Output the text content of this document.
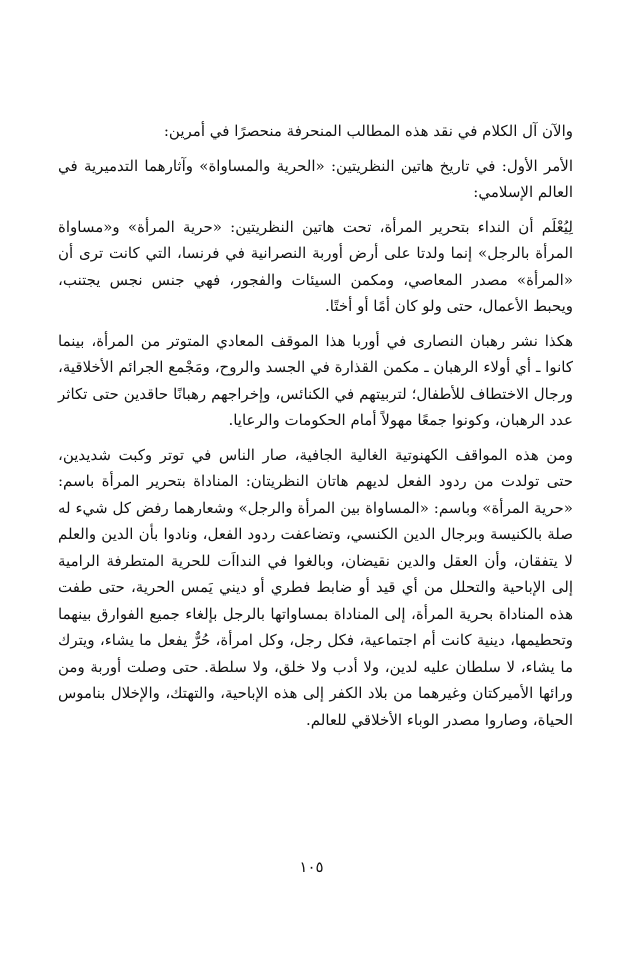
والآن آل الكلام في نقد هذه المطالب المنحرفة منحصرًا في أمرين:

الأمر الأول: في تاريخ هاتين النظريتين: «الحرية والمساواة» وآثارهما التدميرية في العالم الإسلامي:

لِيُعْلَم أن النداء بتحرير المرأة، تحت هاتين النظريتين: «حرية المرأة» و«مساواة المرأة بالرجل» إنما ولدتا على أرض أوربة النصرانية في فرنسا، التي كانت ترى أن «المرأة» مصدر المعاصي، ومكمن السيئات والفجور، فهي جنس نجس يجتنب، ويحبط الأعمال، حتى ولو كان أمًا أو أختًا.

هكذا نشر رهبان النصارى في أوربا هذا الموقف المعادي المتوتر من المرأة، بينما كانوا ـ أي أولاء الرهبان ـ مكمن القذارة في الجسد والروح، ومَجْمع الجرائم الأخلاقية، ورجال الاختطاف للأطفال؛ لتربيتهم في الكنائس، وإخراجهم رهبانًا حاقدين حتى تكاثر عدد الرهبان، وكونوا جمعًا مهولاً أمام الحكومات والرعايا.

ومن هذه المواقف الكهنوتية الغالية الجافية، صار الناس في توتر وكبت شديدين، حتى تولدت من ردود الفعل لديهم هاتان النظريتان: المناداة بتحرير المرأة باسم: «حرية المرأة» وباسم: «المساواة بين المرأة والرجل» وشعارهما رفض كل شيء له صلة بالكنيسة وبرجال الدين الكنسي، وتضاعفت ردود الفعل، ونادوا بأن الدين والعلم لا يتفقان، وأن العقل والدين نقيضان، وبالغوا في الندااَت للحرية المتطرفة الرامية إلى الإباحية والتحلل من أي قيد أو ضابط فطري أو ديني يَمس الحرية، حتى طفت هذه المناداة بحرية المرأة، إلى المناداة بمساواتها بالرجل بإلغاء جميع الفوارق بينهما وتحطيمها، دينية كانت أم اجتماعية، فكل رجل، وكل امرأة، حُرٌّ يفعل ما يشاء، ويترك ما يشاء، لا سلطان عليه لدين، ولا أدب ولا خلق، ولا سلطة. حتى وصلت أوربة ومن ورائها الأميركتان وغيرهما من بلاد الكفر إلى هذه الإباحية، والتهتك، والإخلال بناموس الحياة، وصاروا مصدر الوباء الأخلاقي للعالم.

١٠٥
